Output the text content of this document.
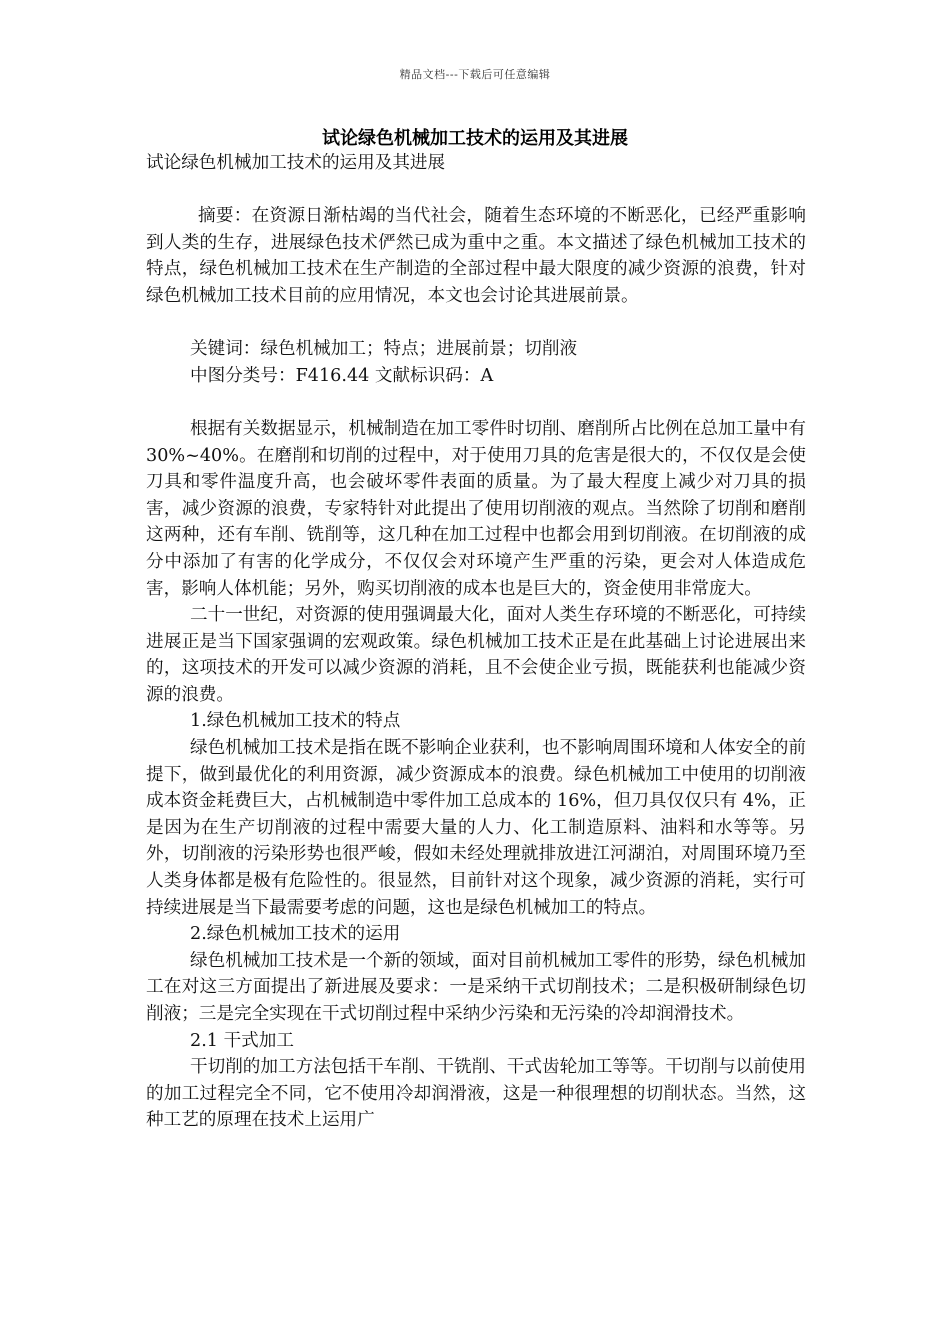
精品文档---下载后可任意编辑
试论绿色机械加工技术的运用及其进展

试论绿色机械加工技术的运用及其进展

摘要：在资源日渐枯竭的当代社会，随着生态环境的不断恶化，已经严重影响到人类的生存，进展绿色技术俨然已成为重中之重。本文描述了绿色机械加工技术的特点，绿色机械加工技术在生产制造的全部过程中最大限度的减少资源的浪费，针对绿色机械加工技术目前的应用情况，本文也会讨论其进展前景。

关键词：绿色机械加工；特点；进展前景；切削液

中图分类号：F416.44 文献标识码：A

根据有关数据显示，机械制造在加工零件时切削、磨削所占比例在总加工量中有 30%~40%。在磨削和切削的过程中，对于使用刀具的危害是很大的，不仅仅是会使刀具和零件温度升高，也会破坏零件表面的质量。为了最大程度上减少对刀具的损害，减少资源的浪费，专家特针对此提出了使用切削液的观点。当然除了切削和磨削这两种，还有车削、铣削等，这几种在加工过程中也都会用到切削液。在切削液的成分中添加了有害的化学成分，不仅仅会对环境产生严重的污染，更会对人体造成危害，影响人体机能；另外，购买切削液的成本也是巨大的，资金使用非常庞大。

二十一世纪，对资源的使用强调最大化，面对人类生存环境的不断恶化，可持续进展正是当下国家强调的宏观政策。绿色机械加工技术正是在此基础上讨论进展出来的，这项技术的开发可以减少资源的消耗，且不会使企业亏损，既能获利也能减少资源的浪费。

1.绿色机械加工技术的特点

绿色机械加工技术是指在既不影响企业获利，也不影响周围环境和人体安全的前提下，做到最优化的利用资源，减少资源成本的浪费。绿色机械加工中使用的切削液成本资金耗费巨大，占机械制造中零件加工总成本的 16%，但刀具仅仅只有 4%，正是因为在生产切削液的过程中需要大量的人力、化工制造原料、油料和水等等。另外，切削液的污染形势也很严峻，假如未经处理就排放进江河湖泊，对周围环境乃至人类身体都是极有危险性的。很显然，目前针对这个现象，减少资源的消耗，实行可持续进展是当下最需要考虑的问题，这也是绿色机械加工的特点。

2.绿色机械加工技术的运用

绿色机械加工技术是一个新的领域，面对目前机械加工零件的形势，绿色机械加工在对这三方面提出了新进展及要求：一是采纳干式切削技术；二是积极研制绿色切削液；三是完全实现在干式切削过程中采纳少污染和无污染的冷却润滑技术。

2.1 干式加工

干切削的加工方法包括干车削、干铣削、干式齿轮加工等等。干切削与以前使用的加工过程完全不同，它不使用冷却润滑液，这是一种很理想的切削状态。当然，这种工艺的原理在技术上运用广
